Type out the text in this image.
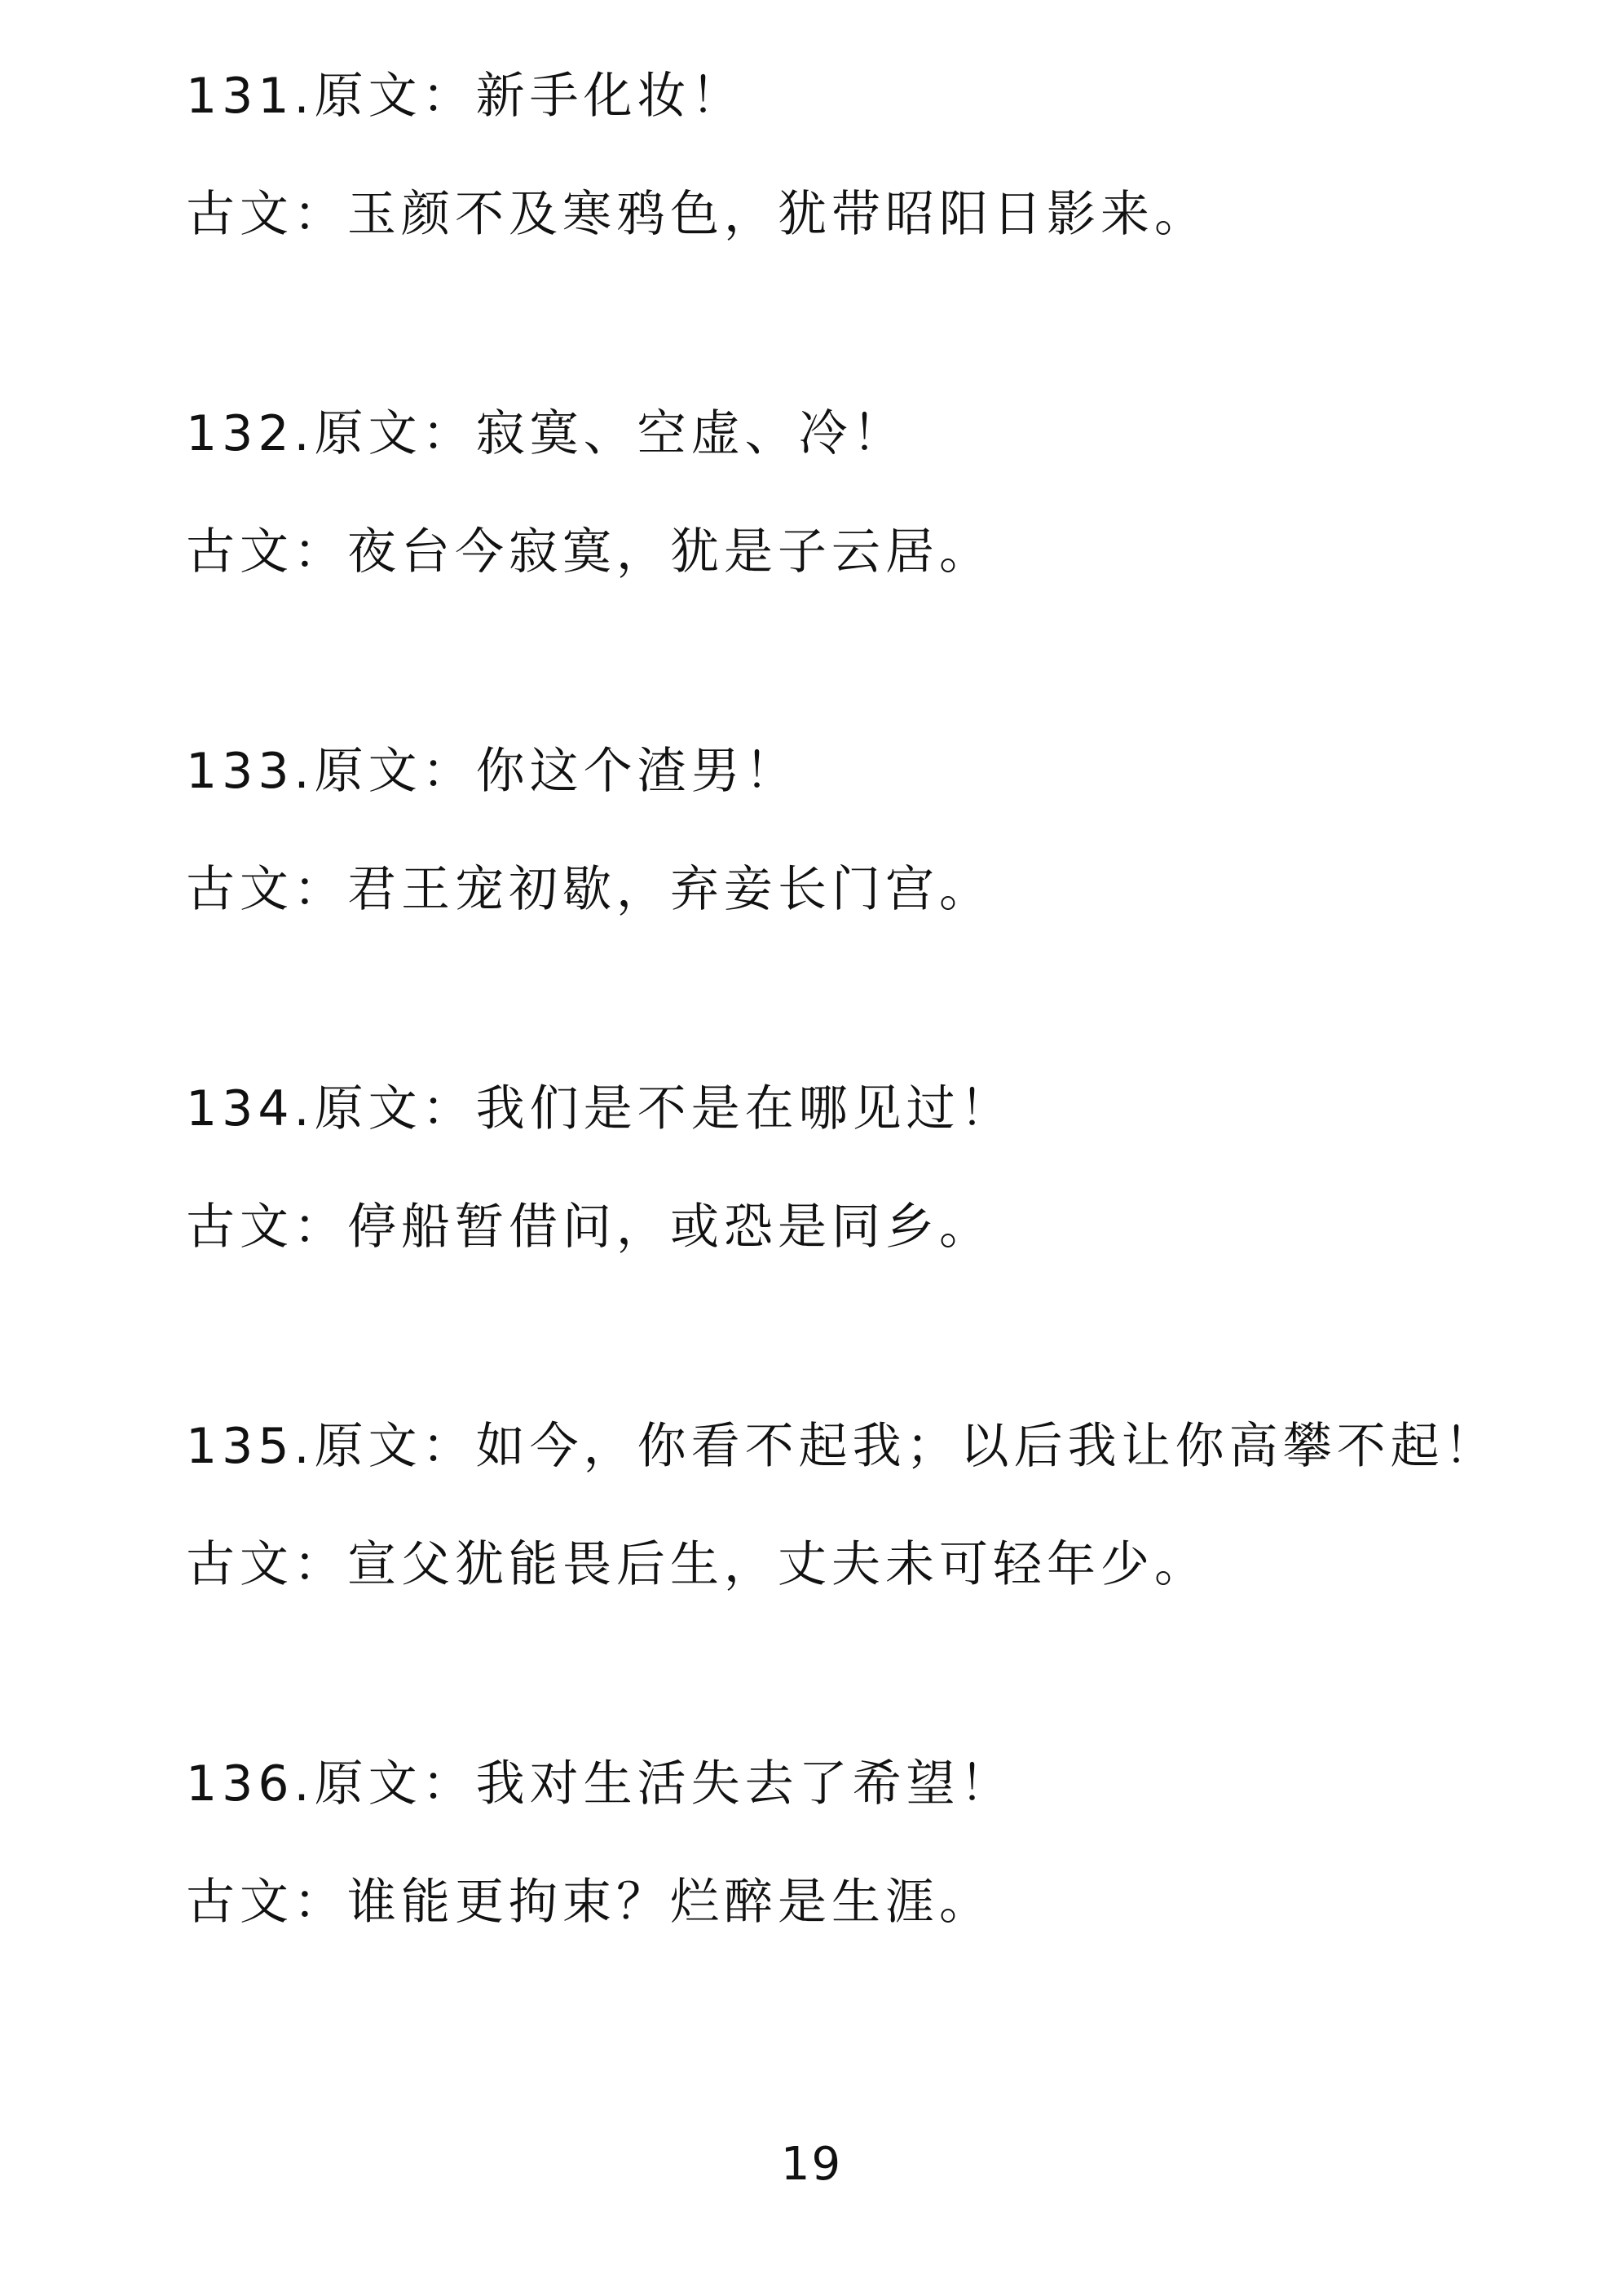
131.原文：新手化妆！
古文：玉颜不及寒鸦色，犹带昭阳日影来。
132.原文：寂寞、空虚、冷！
古文：夜台今寂寞，犹是子云居。
133.原文：你这个渣男！
古文：君王宠初歇，弃妾长门宫。
134.原文：我们是不是在哪见过！
古文：停船暂借问，或恐是同乡。
135.原文：如今，你看不起我；以后我让你高攀不起！
古文：宣父犹能畏后生，丈夫未可轻年少。
136.原文：我对生活失去了希望！
古文：谁能更拘束？烂醉是生涯。
19
